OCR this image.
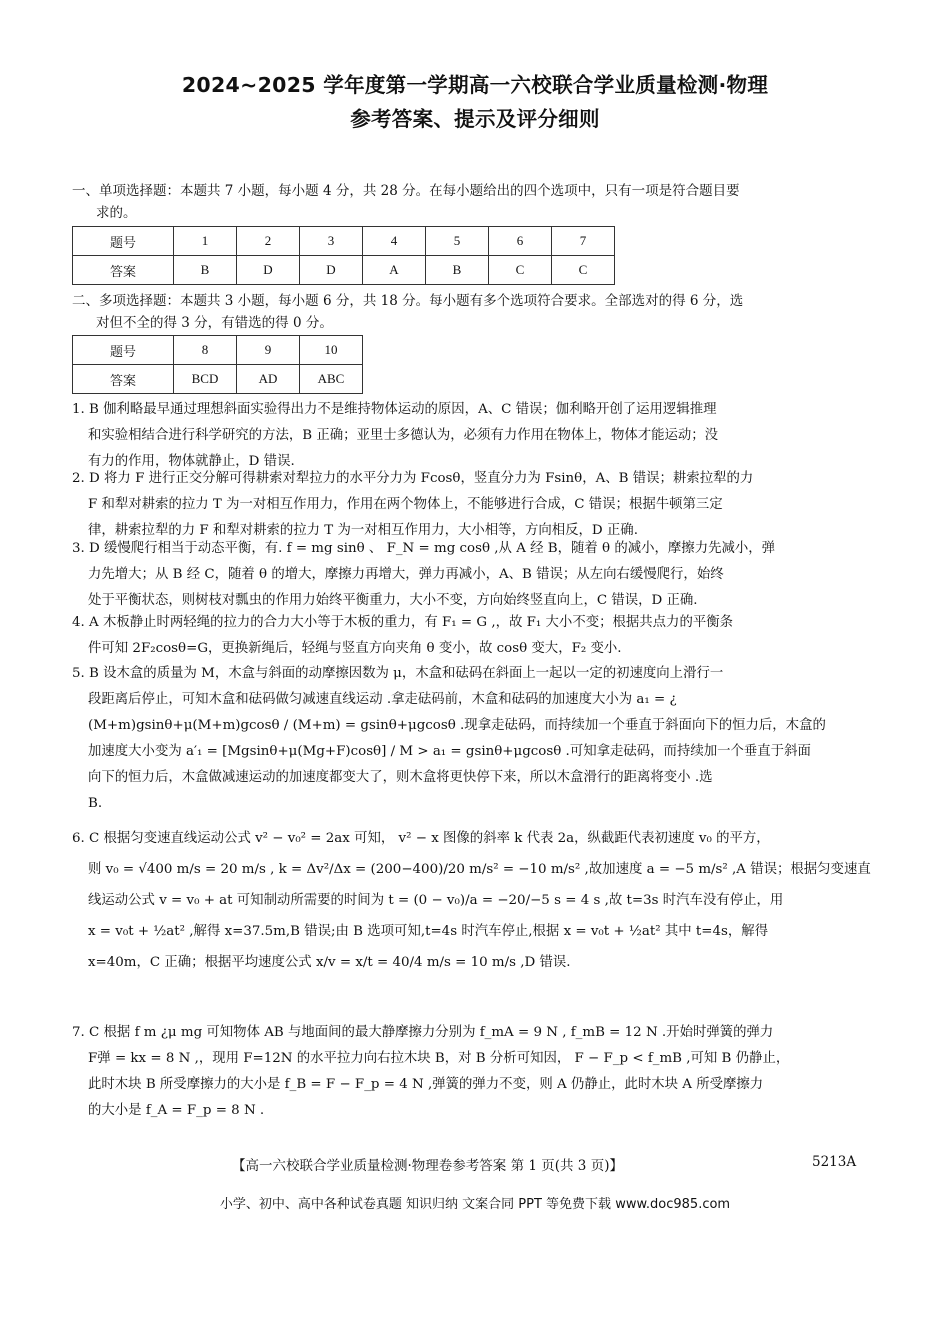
2024~2025 学年度第一学期高一六校联合学业质量检测·物理
参考答案、提示及评分细则
一、单项选择题：本题共 7 小题，每小题 4 分，共 28 分。在每小题给出的四个选项中，只有一项是符合题目要
求的。
题号	1	2	3	4	5	6	7
答案	B	D	D	A	B	C	C
二、多项选择题：本题共 3 小题，每小题 6 分，共 18 分。每小题有多个选项符合要求。全部选对的得 6 分，选
对但不全的得 3 分，有错选的得 0 分。
题号	8	9	10
答案	BCD	AD	ABC
1. B 伽利略最早通过理想斜面实验得出力不是维持物体运动的原因，A、C 错误；伽利略开创了运用逻辑推理
和实验相结合进行科学研究的方法，B 正确；亚里士多德认为，必须有力作用在物体上，物体才能运动；没
有力的作用，物体就静止，D 错误.
2. D 将力 F 进行正交分解可得耕索对犁拉力的水平分力为 Fcosθ，竖直分力为 Fsinθ，A、B 错误；耕索拉犁的力
F 和犁对耕索的拉力 T 为一对相互作用力，作用在两个物体上，不能够进行合成，C 错误；根据牛顿第三定
律，耕索拉犁的力 F 和犁对耕索的拉力 T 为一对相互作用力，大小相等，方向相反，D 正确.
3. D 缓慢爬行相当于动态平衡，有. f = mg sinθ 、 F_N = mg cosθ ,从 A 经 B，随着 θ 的减小，摩擦力先减小，弹
力先增大；从 B 经 C，随着 θ 的增大，摩擦力再增大，弹力再减小，A、B 错误；从左向右缓慢爬行，始终
处于平衡状态，则树枝对瓢虫的作用力始终平衡重力，大小不变，方向始终竖直向上，C 错误，D 正确.
4. A 木板静止时两轻绳的拉力的合力大小等于木板的重力，有 F₁ = G ,，故 F₁ 大小不变；根据共点力的平衡条
件可知 2F₂cosθ=G，更换新绳后，轻绳与竖直方向夹角 θ 变小，故 cosθ 变大，F₂ 变小.
5. B 设木盒的质量为 M，木盒与斜面的动摩擦因数为 μ，木盒和砝码在斜面上一起以一定的初速度向上滑行一
段距离后停止，可知木盒和砝码做匀减速直线运动 .拿走砝码前，木盒和砝码的加速度大小为 a₁ = ¿
(M+m)gsinθ+μ(M+m)gcosθ / (M+m) = gsinθ+μgcosθ .现拿走砝码，而持续加一个垂直于斜面向下的恒力后，木盒的
加速度大小变为 a′₁ = [Mgsinθ+μ(Mg+F)cosθ] / M > a₁ = gsinθ+μgcosθ .可知拿走砝码，而持续加一个垂直于斜面
向下的恒力后，木盒做减速运动的加速度都变大了，则木盒将更快停下来，所以木盒滑行的距离将变小 .选
B.
6. C 根据匀变速直线运动公式 v² − v₀² = 2ax 可知， v² − x 图像的斜率 k 代表 2a，纵截距代表初速度 v₀ 的平方，
则 v₀ = √400 m/s = 20 m/s , k = Δv²/Δx = (200−400)/20 m/s² = −10 m/s² ,故加速度 a = −5 m/s² ,A 错误；根据匀变速直
线运动公式 v = v₀ + at 可知制动所需要的时间为 t = (0 − v₀)/a = −20/−5 s = 4 s ,故 t=3s 时汽车没有停止，用
x = v₀t + ½at² ,解得 x=37.5m,B 错误;由 B 选项可知,t=4s 时汽车停止,根据 x = v₀t + ½at² 其中 t=4s，解得
x=40m，C 正确；根据平均速度公式 x/v = x/t = 40/4 m/s = 10 m/s ,D 错误.
7. C 根据 f m ¿μ mg 可知物体 AB 与地面间的最大静摩擦力分别为 f_mA = 9 N , f_mB = 12 N .开始时弹簧的弹力
F弹 = kx = 8 N ,，现用 F=12N 的水平拉力向右拉木块 B，对 B 分析可知因， F − F_p < f_mB ,可知 B 仍静止，
此时木块 B 所受摩擦力的大小是 f_B = F − F_p = 4 N ,弹簧的弹力不变，则 A 仍静止，此时木块 A 所受摩擦力
的大小是 f_A = F_p = 8 N .
【高一六校联合学业质量检测·物理卷参考答案 第 1 页(共 3 页)】	5213A
小学、初中、高中各种试卷真题 知识归纳 文案合同 PPT 等免费下载 www.doc985.com
